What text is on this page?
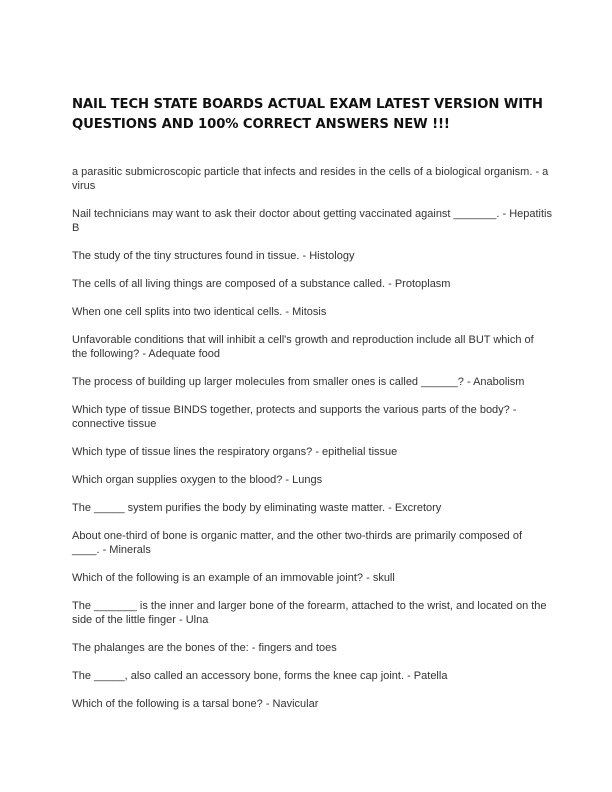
NAIL TECH STATE BOARDS ACTUAL EXAM LATEST VERSION WITH QUESTIONS AND 100% CORRECT ANSWERS NEW !!!
a parasitic submicroscopic particle that infects and resides in the cells of a biological organism. - a virus
Nail technicians may want to ask their doctor about getting vaccinated against _______. - Hepatitis B
The study of the tiny structures found in tissue. - Histology
The cells of all living things are composed of a substance called. - Protoplasm
When one cell splits into two identical cells. - Mitosis
Unfavorable conditions that will inhibit a cell's growth and reproduction include all BUT which of the following? - Adequate food
The process of building up larger molecules from smaller ones is called ______? - Anabolism
Which type of tissue BINDS together, protects and supports the various parts of the body? - connective tissue
Which type of tissue lines the respiratory organs? - epithelial tissue
Which organ supplies oxygen to the blood? - Lungs
The _____ system purifies the body by eliminating waste matter. - Excretory
About one-third of bone is organic matter, and the other two-thirds are primarily composed of ____. - Minerals
Which of the following is an example of an immovable joint? - skull
The _______ is the inner and larger bone of the forearm, attached to the wrist, and located on the side of the little finger - Ulna
The phalanges are the bones of the: - fingers and toes
The _____, also called an accessory bone, forms the knee cap joint. - Patella
Which of the following is a tarsal bone? - Navicular
